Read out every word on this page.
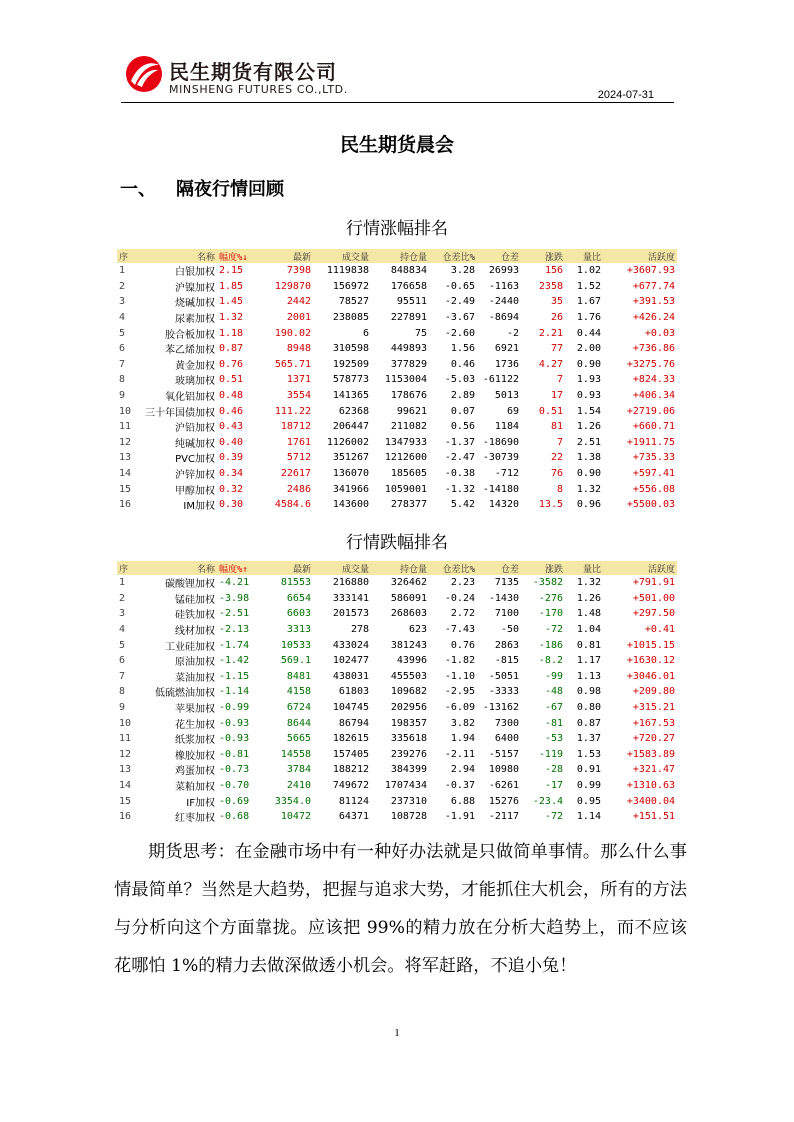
民生期货有限公司
MINSHENG FUTURES CO.,LTD.	2024-07-31
民生期货晨会
一、 隔夜行情回顾
行情涨幅排名
序	名称	幅度%↓	最新	成交量	持仓量	仓差比%	仓差	涨跌	量比	活跃度
1	白银加权	2.15	7398	1119838	848834	3.28	26993	156	1.02	+3607.93
2	沪镍加权	1.85	129870	156972	176658	-0.65	-1163	2358	1.52	+677.74
3	烧碱加权	1.45	2442	78527	95511	-2.49	-2440	35	1.67	+391.53
4	尿素加权	1.32	2001	238085	227891	-3.67	-8694	26	1.76	+426.24
5	胶合板加权	1.18	190.02	6	75	-2.60	-2	2.21	0.44	+0.03
6	苯乙烯加权	0.87	8948	310598	449893	1.56	6921	77	2.00	+736.86
7	黄金加权	0.76	565.71	192509	377829	0.46	1736	4.27	0.90	+3275.76
8	玻璃加权	0.51	1371	578773	1153004	-5.03	-61122	7	1.93	+824.33
9	氧化铝加权	0.48	3554	141365	178676	2.89	5013	17	0.93	+406.34
10	三十年国债加权	0.46	111.22	62368	99621	0.07	69	0.51	1.54	+2719.06
11	沪铅加权	0.43	18712	206447	211082	0.56	1184	81	1.26	+660.71
12	纯碱加权	0.40	1761	1126002	1347933	-1.37	-18690	7	2.51	+1911.75
13	PVC加权	0.39	5712	351267	1212600	-2.47	-30739	22	1.38	+735.33
14	沪锌加权	0.34	22617	136070	185605	-0.38	-712	76	0.90	+597.41
15	甲醇加权	0.32	2486	341966	1059001	-1.32	-14180	8	1.32	+556.08
16	IM加权	0.30	4584.6	143600	278377	5.42	14320	13.5	0.96	+5500.03
行情跌幅排名
序	名称	幅度%↑	最新	成交量	持仓量	仓差比%	仓差	涨跌	量比	活跃度
1	碳酸锂加权	-4.21	81553	216880	326462	2.23	7135	-3582	1.32	+791.91
2	锰硅加权	-3.98	6654	333141	586091	-0.24	-1430	-276	1.26	+501.00
3	硅铁加权	-2.51	6603	201573	268603	2.72	7100	-170	1.48	+297.50
4	线材加权	-2.13	3313	278	623	-7.43	-50	-72	1.04	+0.41
5	工业硅加权	-1.74	10533	433024	381243	0.76	2863	-186	0.81	+1015.15
6	原油加权	-1.42	569.1	102477	43996	-1.82	-815	-8.2	1.17	+1630.12
7	菜油加权	-1.15	8481	438031	455503	-1.10	-5051	-99	1.13	+3046.01
8	低硫燃油加权	-1.14	4158	61803	109682	-2.95	-3333	-48	0.98	+209.80
9	苹果加权	-0.99	6724	104745	202956	-6.09	-13162	-67	0.80	+315.21
10	花生加权	-0.93	8644	86794	198357	3.82	7300	-81	0.87	+167.53
11	纸浆加权	-0.93	5665	182615	335618	1.94	6400	-53	1.37	+720.27
12	橡胶加权	-0.81	14558	157405	239276	-2.11	-5157	-119	1.53	+1583.89
13	鸡蛋加权	-0.73	3784	188212	384399	2.94	10980	-28	0.91	+321.47
14	菜粕加权	-0.70	2410	749672	1707434	-0.37	-6261	-17	0.99	+1310.63
15	IF加权	-0.69	3354.0	81124	237310	6.88	15276	-23.4	0.95	+3400.04
16	红枣加权	-0.68	10472	64371	108728	-1.91	-2117	-72	1.14	+151.51
期货思考：在金融市场中有一种好办法就是只做简单事情。那么什么事情最简单？当然是大趋势，把握与追求大势，才能抓住大机会，所有的方法与分析向这个方面靠拢。应该把 99%的精力放在分析大趋势上，而不应该花哪怕 1%的精力去做深做透小机会。将军赶路，不追小兔！
1
